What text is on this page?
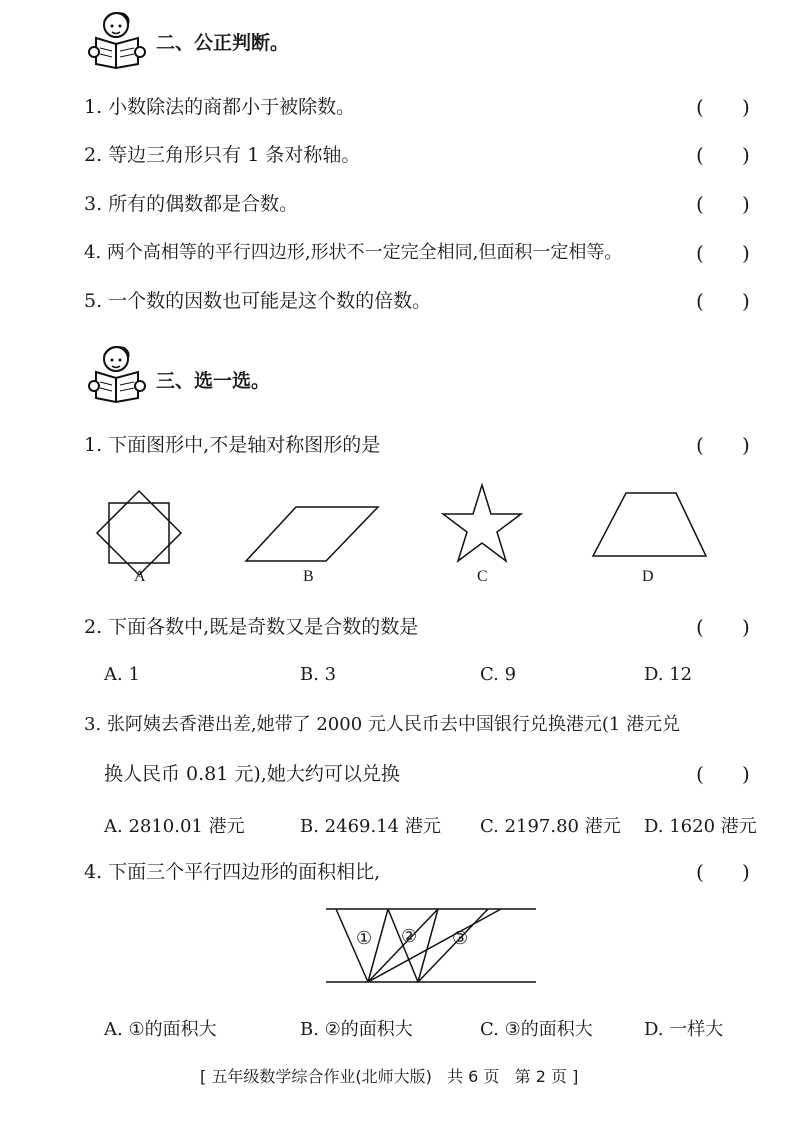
二、公正判断。
1. 小数除法的商都小于被除数。	(      )
2. 等边三角形只有 1 条对称轴。	(      )
3. 所有的偶数都是合数。	(      )
4. 两个高相等的平行四边形,形状不一定完全相同,但面积一定相等。	(      )
5. 一个数的因数也可能是这个数的倍数。	(      )
三、选一选。
1. 下面图形中,不是轴对称图形的是	(      )
A	B	C	D
2. 下面各数中,既是奇数又是合数的数是	(      )
A. 1	B. 3	C. 9	D. 12
3. 张阿姨去香港出差,她带了 2000 元人民币去中国银行兑换港元(1 港元兑
换人民币 0.81 元),她大约可以兑换	(      )
A. 2810.01 港元	B. 2469.14 港元 C. 2197.80 港元 D. 1620 港元
4. 下面三个平行四边形的面积相比,	(      )
① ② ③
A. ①的面积大	B. ②的面积大	C. ③的面积大	D. 一样大
[ 五年级数学综合作业(北师大版)   共 6 页   第 2 页 ]
